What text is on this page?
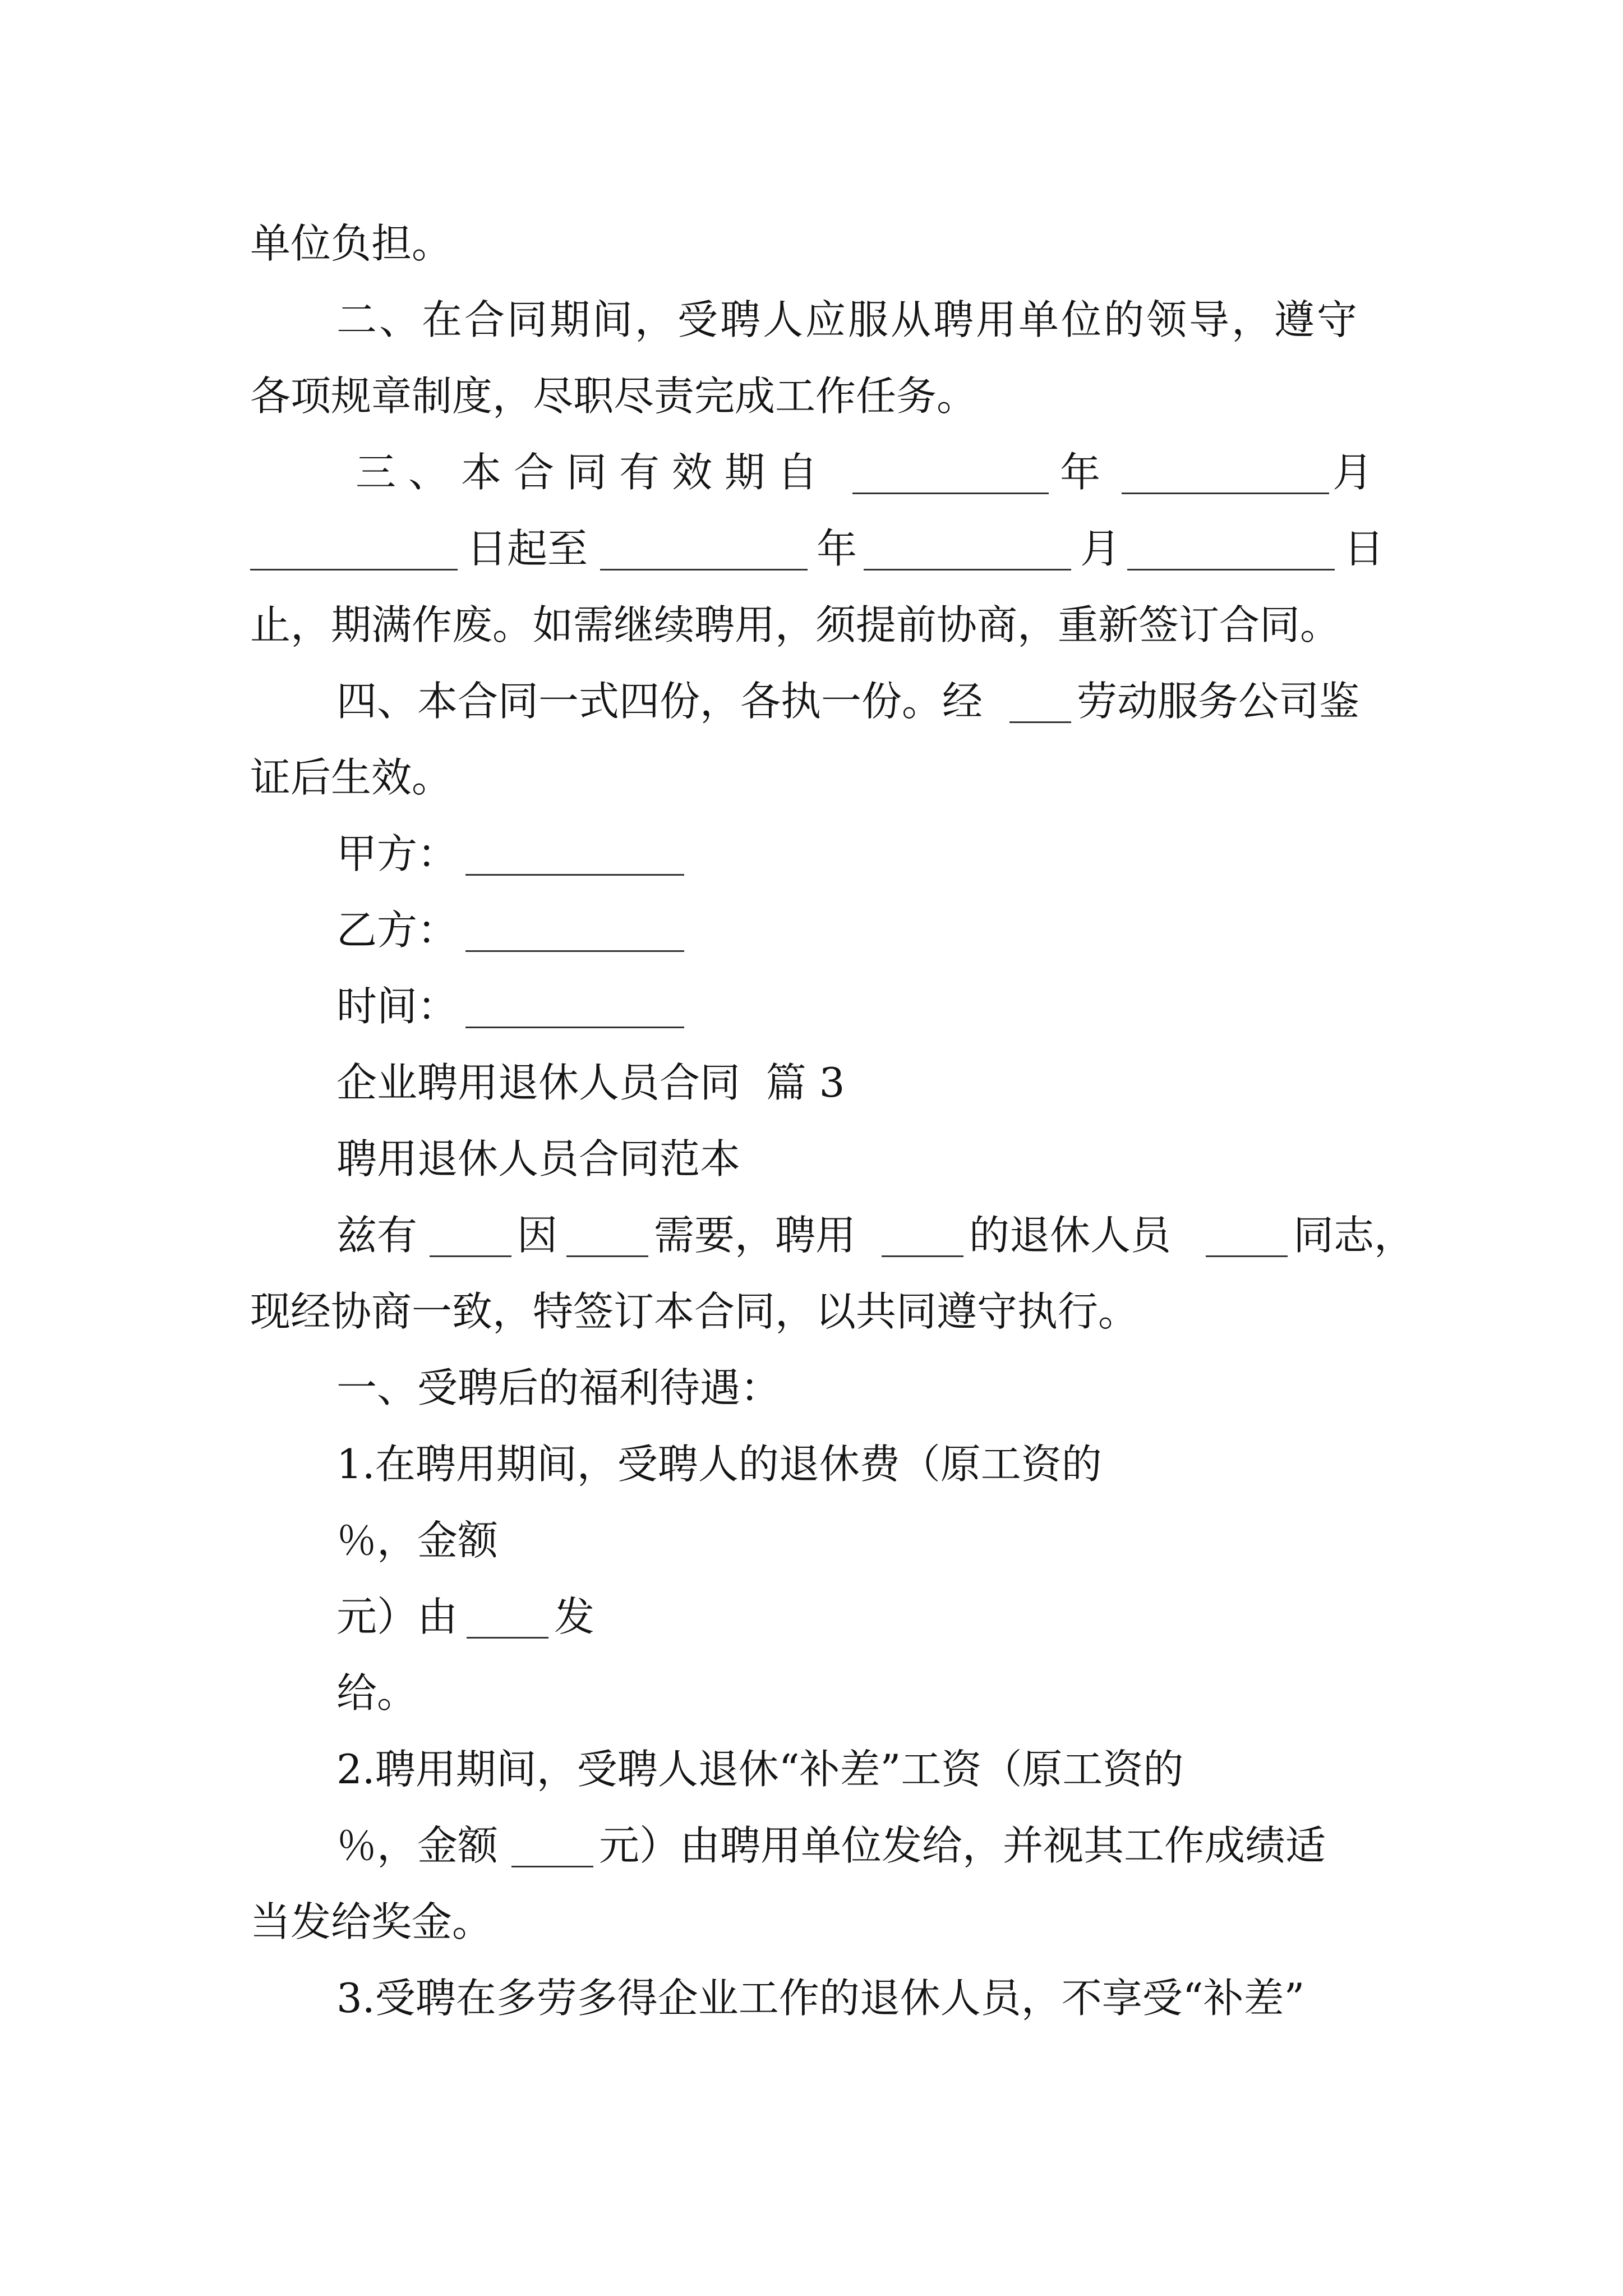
单位负担。
二、在合同期间，受聘人应服从聘用单位的领导，遵守
各项规章制度，尽职尽责完成工作任务。
三、本合同有效期自	年	月
日起至	年	月	日
止，期满作废。如需继续聘用，须提前协商，重新签订合同。
四、本合同一式四份，各执一份。经 劳动服务公司鉴
证后生效。
甲方：
乙方：
时间：
企业聘用退休人员合同  篇 3
聘用退休人员合同范本
兹有 因 需要，聘用	的退休人员	同志，
现经协商一致，特签订本合同，以共同遵守执行。
一、受聘后的福利待遇：
1.在聘用期间，受聘人的退休费（原工资的
％，金额
元）由 发
给。
2.聘用期间，受聘人退休“补差”工资（原工资的
％，金额 元）由聘用单位发给，并视其工作成绩适
当发给奖金。
3.受聘在多劳多得企业工作的退休人员，不享受“补差”
